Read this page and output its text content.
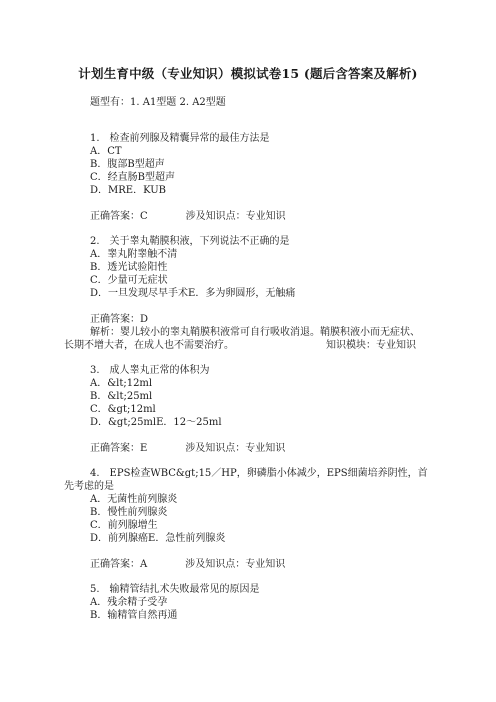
计划生育中级（专业知识）模拟试卷15 (题后含答案及解析)
题型有：1. A1型题 2. A2型题
1.　检查前列腺及精囊异常的最佳方法是
A．CT
B．腹部B型超声
C．经直肠B型超声
D．MRE．KUB
正确答案：C	涉及知识点：专业知识
2.　关于睾丸鞘膜积液，下列说法不正确的是
A．睾丸附睾触不清
B．透光试验阳性
C．少量可无症状
D．一旦发现尽早手术E．多为卵圆形，无触痛
正确答案：D
解析：婴儿较小的睾丸鞘膜积液常可自行吸收消退。鞘膜积液小而无症状、
长期不增大者，在成人也不需要治疗。	知识模块：专业知识
3.　成人睾丸正常的体积为
A．&lt;12ml
B．&lt;25ml
C．&gt;12ml
D．&gt;25mlE．12～25ml
正确答案：E	涉及知识点：专业知识
4.　EPS检查WBC&gt;15／HP，卵磷脂小体减少，EPS细菌培养阴性，首
先考虑的是
A．无菌性前列腺炎
B．慢性前列腺炎
C．前列腺增生
D．前列腺癌E．急性前列腺炎
正确答案：A	涉及知识点：专业知识
5.　输精管结扎术失败最常见的原因是
A．残余精子受孕
B．输精管自然再通
